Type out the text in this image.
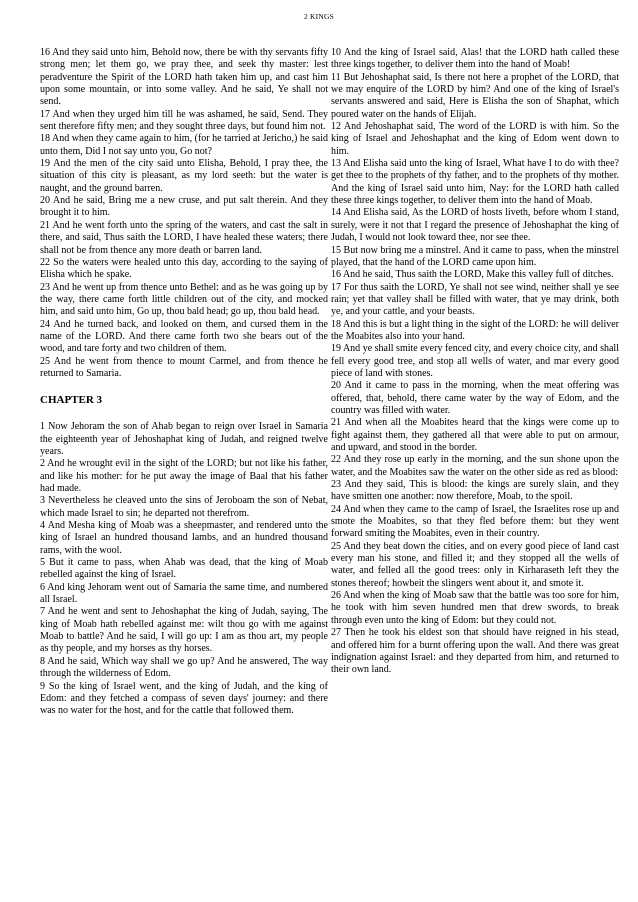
2 KINGS

16 And they said unto him, Behold now, there be with thy servants fifty strong men; let them go, we pray thee, and seek thy master: lest peradventure the Spirit of the LORD hath taken him up, and cast him upon some mountain, or into some valley. And he said, Ye shall not send.

17 And when they urged him till he was ashamed, he said, Send. They sent therefore fifty men; and they sought three days, but found him not.

18 And when they came again to him, (for he tarried at Jericho,) he said unto them, Did I not say unto you, Go not?

19 And the men of the city said unto Elisha, Behold, I pray thee, the situation of this city is pleasant, as my lord seeth: but the water is naught, and the ground barren.

20 And he said, Bring me a new cruse, and put salt therein. And they brought it to him.

21 And he went forth unto the spring of the waters, and cast the salt in there, and said, Thus saith the LORD, I have healed these waters; there shall not be from thence any more death or barren land.

22 So the waters were healed unto this day, according to the saying of Elisha which he spake.

23 And he went up from thence unto Bethel: and as he was going up by the way, there came forth little children out of the city, and mocked him, and said unto him, Go up, thou bald head; go up, thou bald head.

24 And he turned back, and looked on them, and cursed them in the name of the LORD. And there came forth two she bears out of the wood, and tare forty and two children of them.

25 And he went from thence to mount Carmel, and from thence he returned to Samaria.

CHAPTER 3

1 Now Jehoram the son of Ahab began to reign over Israel in Samaria the eighteenth year of Jehoshaphat king of Judah, and reigned twelve years.

2 And he wrought evil in the sight of the LORD; but not like his father, and like his mother: for he put away the image of Baal that his father had made.

3 Nevertheless he cleaved unto the sins of Jeroboam the son of Nebat, which made Israel to sin; he departed not therefrom.

4 And Mesha king of Moab was a sheepmaster, and rendered unto the king of Israel an hundred thousand lambs, and an hundred thousand rams, with the wool.

5 But it came to pass, when Ahab was dead, that the king of Moab rebelled against the king of Israel.

6 And king Jehoram went out of Samaria the same time, and numbered all Israel.

7 And he went and sent to Jehoshaphat the king of Judah, saying, The king of Moab hath rebelled against me: wilt thou go with me against Moab to battle? And he said, I will go up: I am as thou art, my people as thy people, and my horses as thy horses.

8 And he said, Which way shall we go up? And he answered, The way through the wilderness of Edom.

9 So the king of Israel went, and the king of Judah, and the king of Edom: and they fetched a compass of seven days' journey: and there was no water for the host, and for the cattle that followed them.

10 And the king of Israel said, Alas! that the LORD hath called these three kings together, to deliver them into the hand of Moab!

11 But Jehoshaphat said, Is there not here a prophet of the LORD, that we may enquire of the LORD by him? And one of the king of Israel's servants answered and said, Here is Elisha the son of Shaphat, which poured water on the hands of Elijah.

12 And Jehoshaphat said, The word of the LORD is with him. So the king of Israel and Jehoshaphat and the king of Edom went down to him.

13 And Elisha said unto the king of Israel, What have I to do with thee? get thee to the prophets of thy father, and to the prophets of thy mother. And the king of Israel said unto him, Nay: for the LORD hath called these three kings together, to deliver them into the hand of Moab.

14 And Elisha said, As the LORD of hosts liveth, before whom I stand, surely, were it not that I regard the presence of Jehoshaphat the king of Judah, I would not look toward thee, nor see thee.

15 But now bring me a minstrel. And it came to pass, when the minstrel played, that the hand of the LORD came upon him.

16 And he said, Thus saith the LORD, Make this valley full of ditches.

17 For thus saith the LORD, Ye shall not see wind, neither shall ye see rain; yet that valley shall be filled with water, that ye may drink, both ye, and your cattle, and your beasts.

18 And this is but a light thing in the sight of the LORD: he will deliver the Moabites also into your hand.

19 And ye shall smite every fenced city, and every choice city, and shall fell every good tree, and stop all wells of water, and mar every good piece of land with stones.

20 And it came to pass in the morning, when the meat offering was offered, that, behold, there came water by the way of Edom, and the country was filled with water.

21 And when all the Moabites heard that the kings were come up to fight against them, they gathered all that were able to put on armour, and upward, and stood in the border.

22 And they rose up early in the morning, and the sun shone upon the water, and the Moabites saw the water on the other side as red as blood:

23 And they said, This is blood: the kings are surely slain, and they have smitten one another: now therefore, Moab, to the spoil.

24 And when they came to the camp of Israel, the Israelites rose up and smote the Moabites, so that they fled before them: but they went forward smiting the Moabites, even in their country.

25 And they beat down the cities, and on every good piece of land cast every man his stone, and filled it; and they stopped all the wells of water, and felled all the good trees: only in Kirharaseth left they the stones thereof; howbeit the slingers went about it, and smote it.

26 And when the king of Moab saw that the battle was too sore for him, he took with him seven hundred men that drew swords, to break through even unto the king of Edom: but they could not.

27 Then he took his eldest son that should have reigned in his stead, and offered him for a burnt offering upon the wall. And there was great indignation against Israel: and they departed from him, and returned to their own land.
